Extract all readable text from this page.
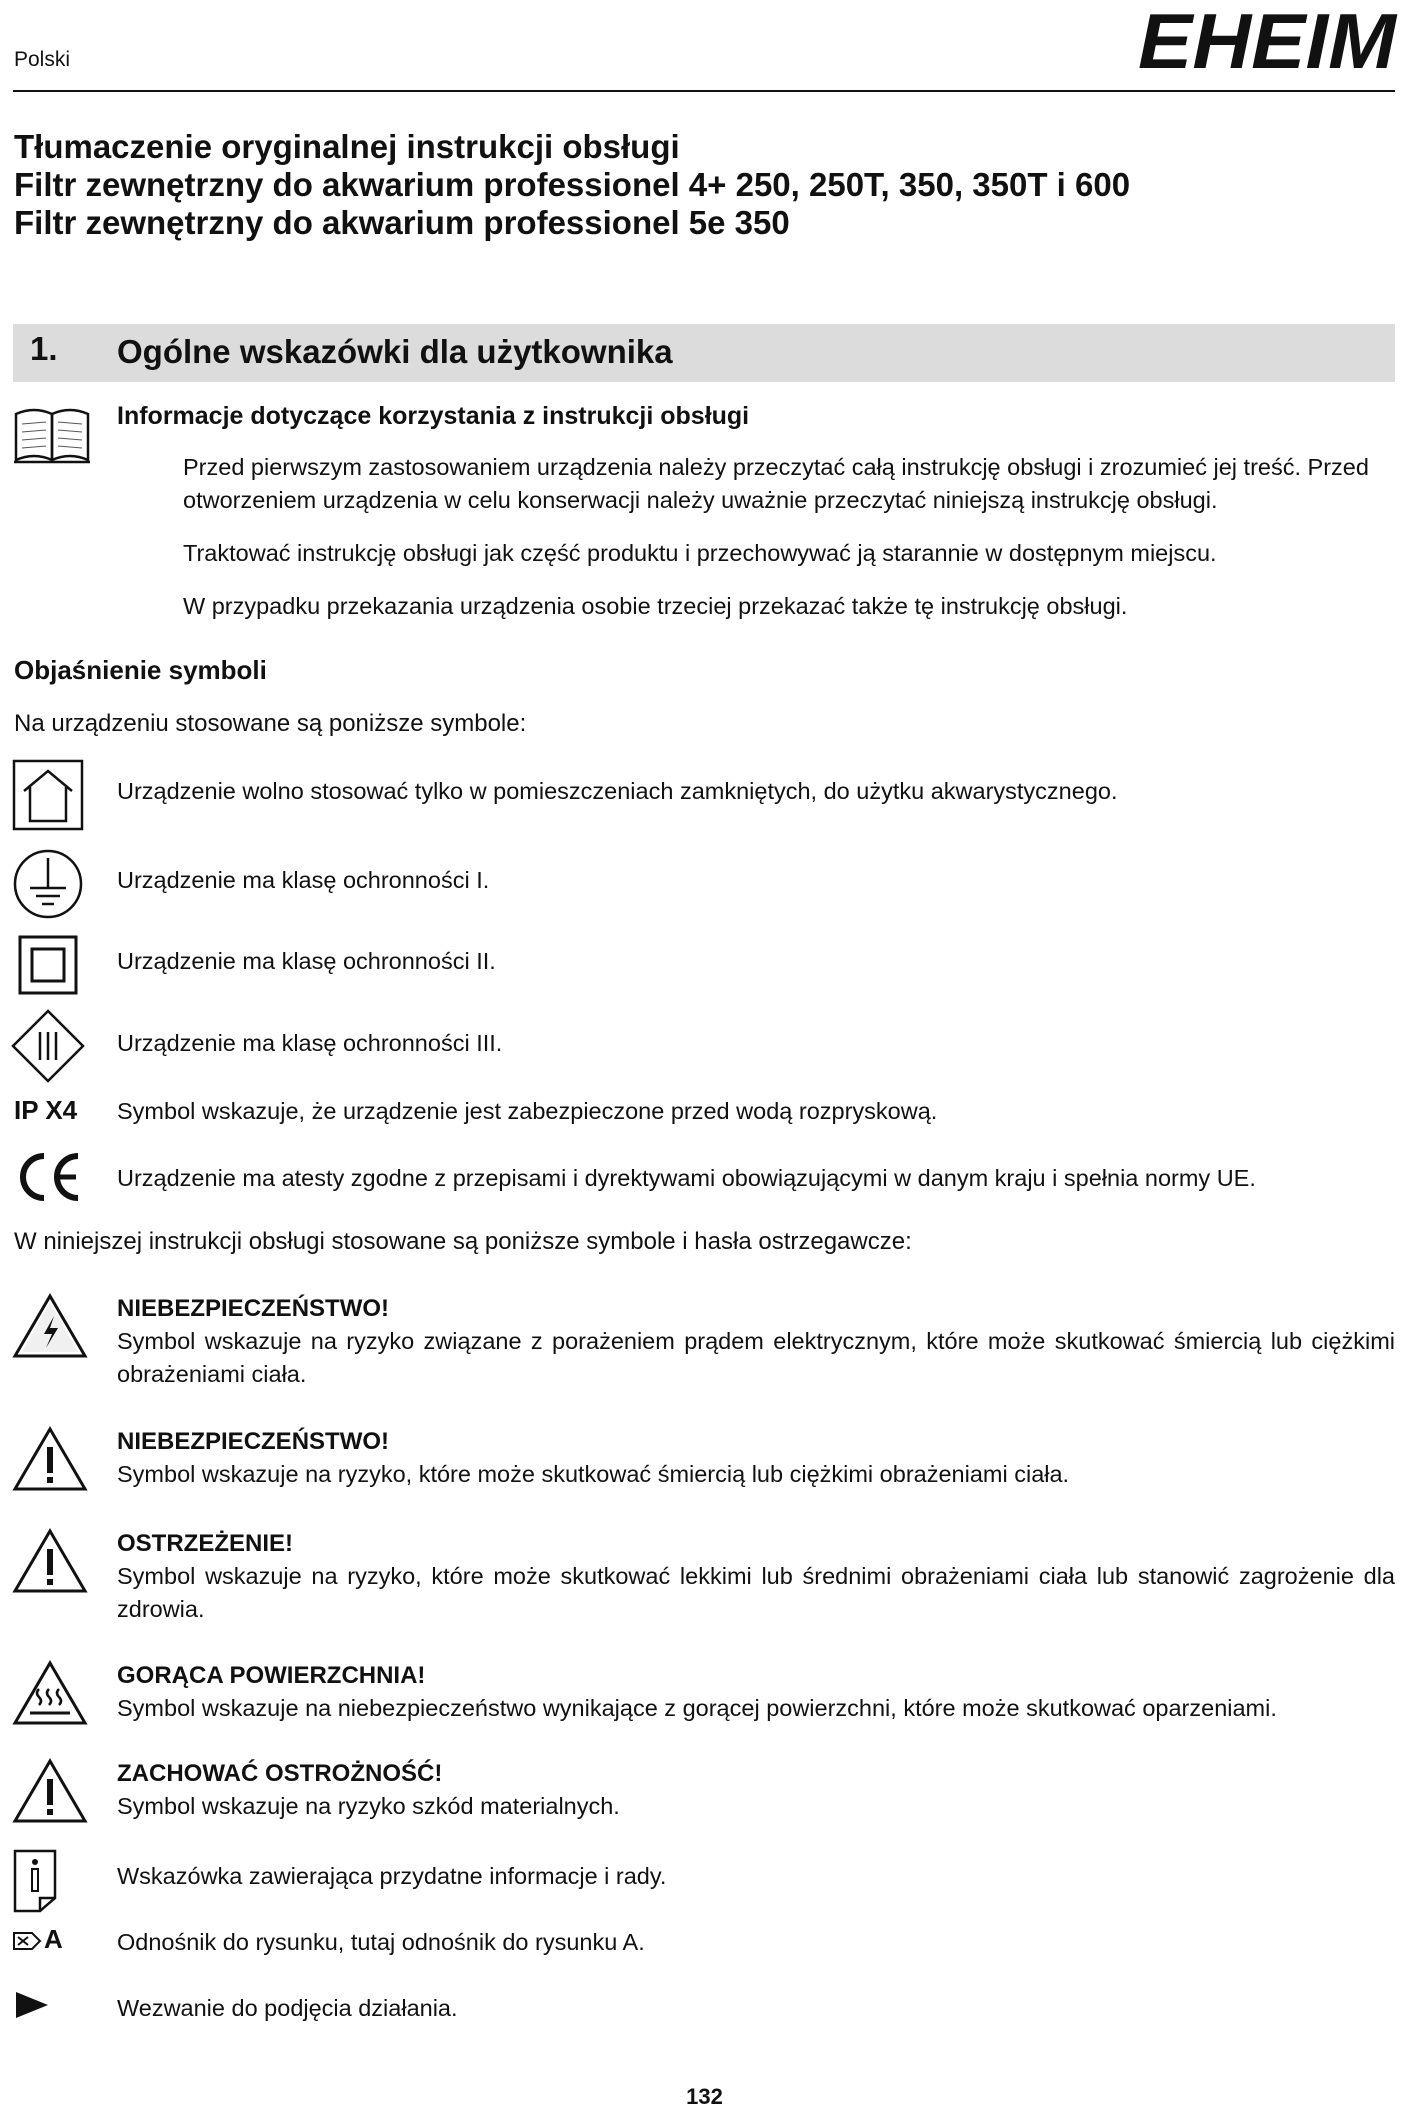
Polski	EHEIM
Tłumaczenie oryginalnej instrukcji obsługi
Filtr zewnętrzny do akwarium professionel 4+ 250, 250T, 350, 350T i 600
Filtr zewnętrzny do akwarium professionel 5e 350
1. Ogólne wskazówki dla użytkownika
Informacje dotyczące korzystania z instrukcji obsługi
Przed pierwszym zastosowaniem urządzenia należy przeczytać całą instrukcję obsługi i zrozumieć jej treść. Przed otworzeniem urządzenia w celu konserwacji należy uważnie przeczytać niniejszą instrukcję obsługi.
Traktować instrukcję obsługi jak część produktu i przechowywać ją starannie w dostępnym miejscu.
W przypadku przekazania urządzenia osobie trzeciej przekazać także tę instrukcję obsługi.
Objaśnienie symboli
Na urządzeniu stosowane są poniższe symbole:
Urządzenie wolno stosować tylko w pomieszczeniach zamkniętych, do użytku akwarystycznego.
Urządzenie ma klasę ochronności I.
Urządzenie ma klasę ochronności II.
Urządzenie ma klasę ochronności III.
IP X4 Symbol wskazuje, że urządzenie jest zabezpieczone przed wodą rozpryskową.
Urządzenie ma atesty zgodne z przepisami i dyrektywami obowiązującymi w danym kraju i spełnia normy UE.
W niniejszej instrukcji obsługi stosowane są poniższe symbole i hasła ostrzegawcze:
NIEBEZPIECZEŃSTWO!
Symbol wskazuje na ryzyko związane z porażeniem prądem elektrycznym, które może skutkować śmiercią lub ciężkimi obrażeniami ciała.
NIEBEZPIECZEŃSTWO!
Symbol wskazuje na ryzyko, które może skutkować śmiercią lub ciężkimi obrażeniami ciała.
OSTRZEŻENIE!
Symbol wskazuje na ryzyko, które może skutkować lekkimi lub średnimi obrażeniami ciała lub stanowić zagrożenie dla zdrowia.
GORĄCA POWIERZCHNIA!
Symbol wskazuje na niebezpieczeństwo wynikające z gorącej powierzchni, które może skutkować oparzeniami.
ZACHOWAĆ OSTROŻNOŚĆ!
Symbol wskazuje na ryzyko szkód materialnych.
Wskazówka zawierająca przydatne informacje i rady.
A Odnośnik do rysunku, tutaj odnośnik do rysunku A.
Wezwanie do podjęcia działania.
132
